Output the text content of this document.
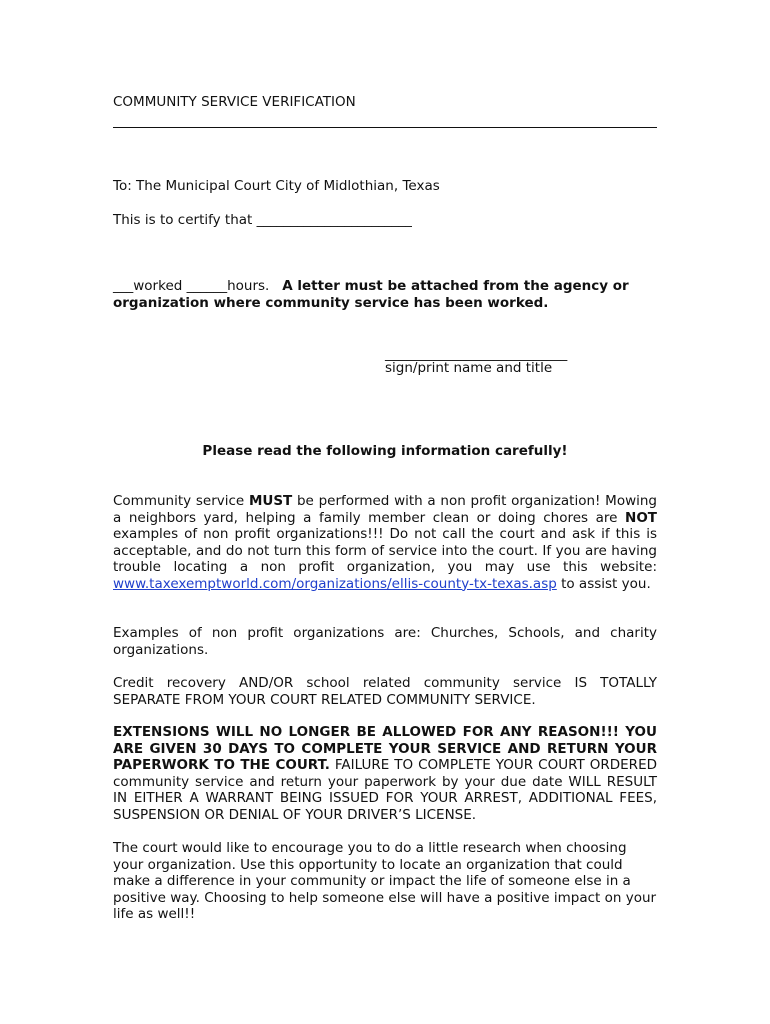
COMMUNITY SERVICE VERIFICATION
To: The Municipal Court City of Midlothian, Texas
This is to certify that _______________________
___worked ______hours. A letter must be attached from the agency or organization where community service has been worked.
___________________________
sign/print name and title
Please read the following information carefully!
Community service MUST be performed with a non profit organization! Mowing a neighbors yard, helping a family member clean or doing chores are NOT examples of non profit organizations!!! Do not call the court and ask if this is acceptable, and do not turn this form of service into the court. If you are having trouble locating a non profit organization, you may use this website: www.taxexemptworld.com/organizations/ellis-county-tx-texas.asp to assist you.
Examples of non profit organizations are: Churches, Schools, and charity organizations.
Credit recovery AND/OR school related community service IS TOTALLY SEPARATE FROM YOUR COURT RELATED COMMUNITY SERVICE.
EXTENSIONS WILL NO LONGER BE ALLOWED FOR ANY REASON!!! YOU ARE GIVEN 30 DAYS TO COMPLETE YOUR SERVICE AND RETURN YOUR PAPERWORK TO THE COURT. FAILURE TO COMPLETE YOUR COURT ORDERED community service and return your paperwork by your due date WILL RESULT IN EITHER A WARRANT BEING ISSUED FOR YOUR ARREST, ADDITIONAL FEES, SUSPENSION OR DENIAL OF YOUR DRIVER’S LICENSE.
The court would like to encourage you to do a little research when choosing your organization. Use this opportunity to locate an organization that could make a difference in your community or impact the life of someone else in a positive way. Choosing to help someone else will have a positive impact on your life as well!!
